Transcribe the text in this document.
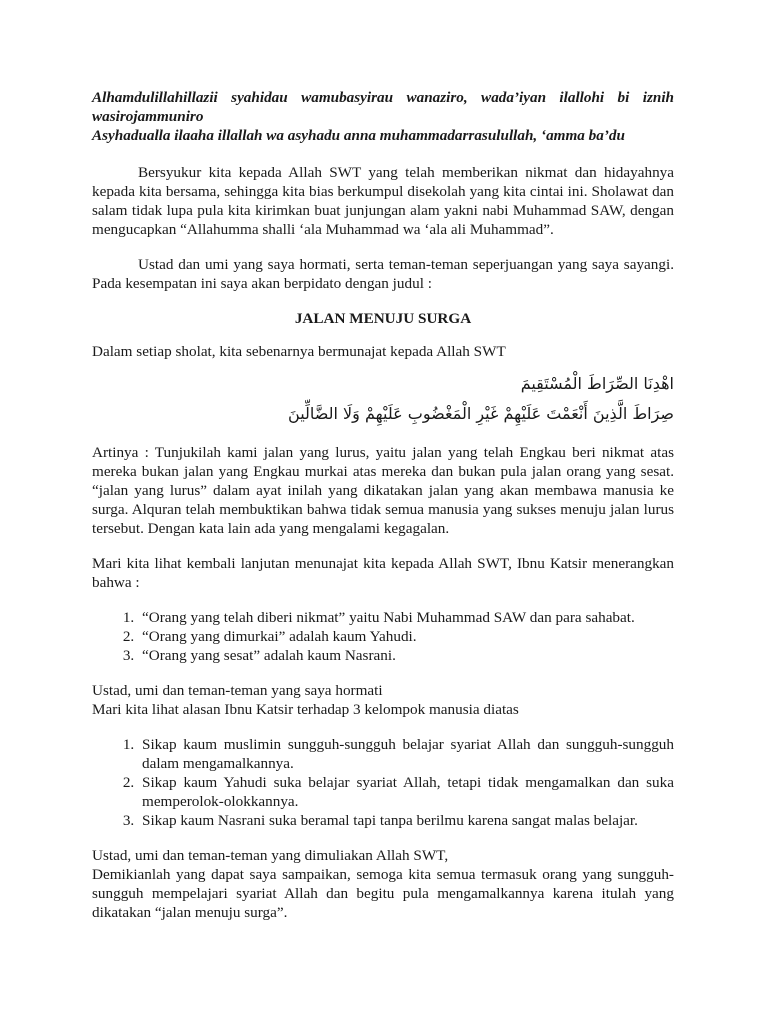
Alhamdulillahillazii syahidau wamubasyirau wanaziro, wada’iyan ilallohi bi iznih wasirojammuniro
Asyhadualla ilaaha illallah wa asyhadu anna muhammadarrasulullah, ‘amma ba’du

Bersyukur kita kepada Allah SWT yang telah memberikan nikmat dan hidayahnya kepada kita bersama, sehingga kita bias berkumpul disekolah yang kita cintai ini. Sholawat dan salam tidak lupa pula kita kirimkan buat junjungan alam yakni nabi Muhammad SAW, dengan mengucapkan “Allahumma shalli ‘ala Muhammad wa ‘ala ali Muhammad”.

Ustad dan umi yang saya hormati, serta teman-teman seperjuangan yang saya sayangi. Pada kesempatan ini saya akan berpidato dengan judul :

JALAN MENUJU SURGA

Dalam setiap sholat, kita sebenarnya bermunajat kepada Allah SWT

اهْدِنَا الصِّرَاطَ الْمُسْتَقِيمَ
صِرَاطَ الَّذِينَ أَنْعَمْتَ عَلَيْهِمْ غَيْرِ الْمَغْضُوبِ عَلَيْهِمْ وَلَا الضَّالِّينَ

Artinya : Tunjukilah kami jalan yang lurus, yaitu jalan yang telah Engkau beri nikmat atas mereka bukan jalan yang Engkau murkai atas mereka dan bukan pula jalan orang yang sesat. “jalan yang lurus” dalam ayat inilah yang dikatakan jalan yang akan membawa manusia ke surga. Alquran telah membuktikan bahwa tidak semua manusia yang sukses menuju jalan lurus tersebut. Dengan kata lain ada yang mengalami kegagalan.

Mari kita lihat kembali lanjutan menunajat kita kepada Allah SWT, Ibnu Katsir menerangkan bahwa :

1. “Orang yang telah diberi nikmat” yaitu Nabi Muhammad SAW dan para sahabat.
2. “Orang yang dimurkai” adalah kaum Yahudi.
3. “Orang yang sesat” adalah kaum Nasrani.

Ustad, umi dan teman-teman yang saya hormati

Mari kita lihat alasan Ibnu Katsir terhadap 3 kelompok manusia diatas

1. Sikap kaum muslimin sungguh-sungguh belajar syariat Allah dan sungguh-sungguh dalam mengamalkannya.
2. Sikap kaum Yahudi suka belajar syariat Allah, tetapi tidak mengamalkan dan suka memperolok-olokkannya.
3. Sikap kaum Nasrani suka beramal tapi tanpa berilmu karena sangat malas belajar.

Ustad, umi dan teman-teman yang dimuliakan Allah SWT,

Demikianlah yang dapat saya sampaikan, semoga kita semua termasuk orang yang sungguh-sungguh mempelajari syariat Allah dan begitu pula mengamalkannya karena itulah yang dikatakan “jalan menuju surga”.
